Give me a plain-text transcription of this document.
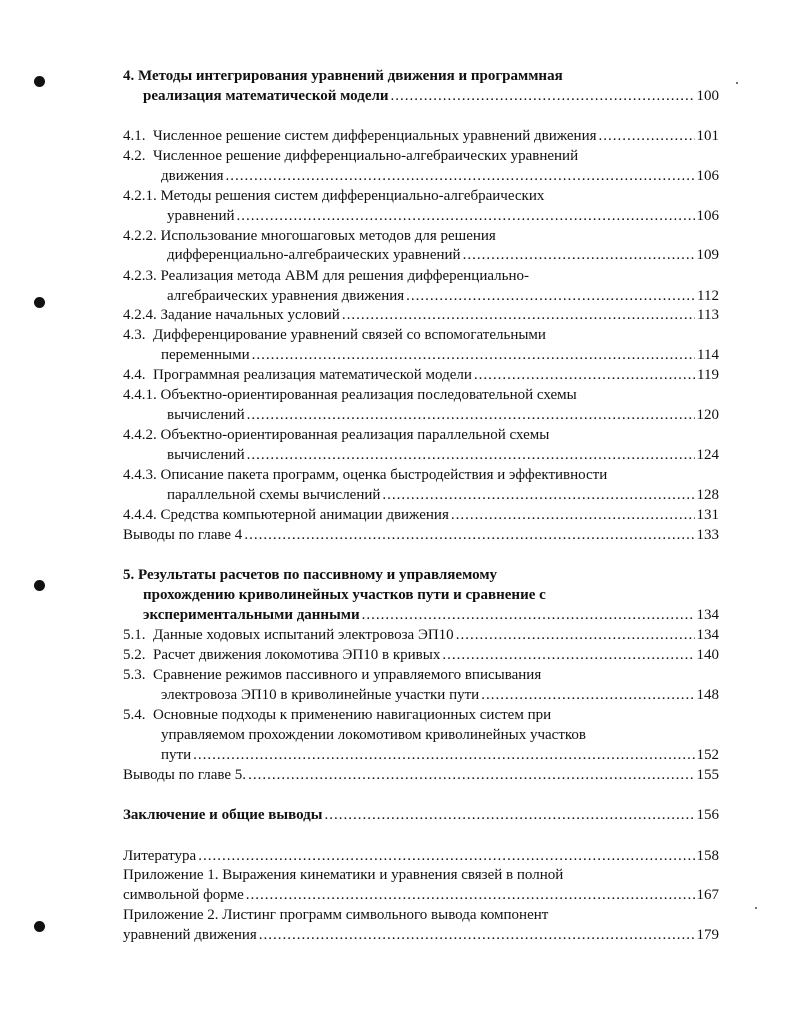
4. Методы интегрирования уравнений движения и программная
реализация математической модели .....	100
4.1. Численное решение систем дифференциальных уравнений движения .....	101
4.2. Численное решение дифференциально-алгебраических уравнений
движения .....	106
4.2.1. Методы решения систем дифференциально-алгебраических
уравнений .....	106
4.2.2. Использование многошаговых методов для решения
дифференциально-алгебраических уравнений .....	109
4.2.3. Реализация метода АВМ для решения дифференциально-
алгебраических уравнения движения .....	112
4.2.4. Задание начальных условий .....	113
4.3. Дифференцирование уравнений связей со вспомогательными
переменными .....	114
4.4. Программная реализация математической модели .....	119
4.4.1. Объектно-ориентированная реализация последовательной схемы
вычислений .....	120
4.4.2. Объектно-ориентированная реализация параллельной схемы
вычислений .....	124
4.4.3. Описание пакета программ, оценка быстродействия и эффективности
параллельной схемы вычислений .....	128
4.4.4. Средства компьютерной анимации движения .....	131
Выводы по главе 4 .....	133
5. Результаты расчетов по пассивному и управляемому
прохождению криволинейных участков пути и сравнение с
экспериментальными данными .....	134
5.1. Данные ходовых испытаний электровоза ЭП10 .....	134
5.2. Расчет движения локомотива ЭП10 в кривых .....	140
5.3. Сравнение режимов пассивного и управляемого вписывания
электровоза ЭП10 в криволинейные участки пути .....	148
5.4. Основные подходы к применению навигационных систем при
управляемом прохождении локомотивом криволинейных участков
пути .....	152
Выводы по главе 5. .....	155
Заключение и общие выводы .....	156
Литература .....	158
Приложение 1. Выражения кинематики и уравнения связей в полной
символьной форме .....	167
Приложение 2. Листинг программ символьного вывода компонент
уравнений движения .....	179
